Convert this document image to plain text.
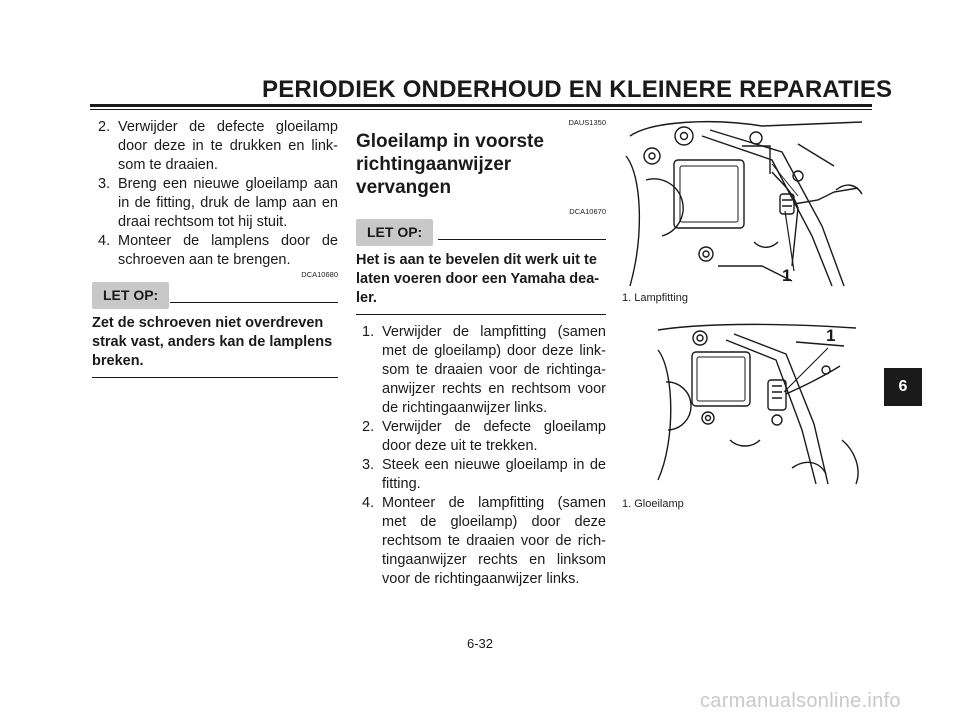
PERIODIEK ONDERHOUD EN KLEINERE REPARATIES
2. Verwijder de defecte gloeilamp door deze in te drukken en link-som te draaien.
3. Breng een nieuwe gloeilamp aan in de fitting, druk de lamp aan en draai rechtsom tot hij stuit.
4. Monteer de lamplens door de schroeven aan te brengen.
DCA10680
LET OP:
Zet de schroeven niet overdreven strak vast, anders kan de lamplens breken.
DAUS1350
Gloeilamp in voorste richtingaanwijzer vervangen
DCA10670
LET OP:
Het is aan te bevelen dit werk uit te laten voeren door een Yamaha dea-ler.
1. Verwijder de lampfitting (samen met de gloeilamp) door deze link-som te draaien voor de richtinga-anwijzer rechts en rechtsom voor de richtingaanwijzer links.
2. Verwijder de defecte gloeilamp door deze uit te trekken.
3. Steek een nieuwe gloeilamp in de fitting.
4. Monteer de lampfitting (samen met de gloeilamp) door deze rechtsom te draaien voor de rich-tingaanwijzer rechts en linksom voor de richtingaanwijzer links.
1
1. Lampfitting
1
1. Gloeilamp
6
6-32
carmanualsonline.info
